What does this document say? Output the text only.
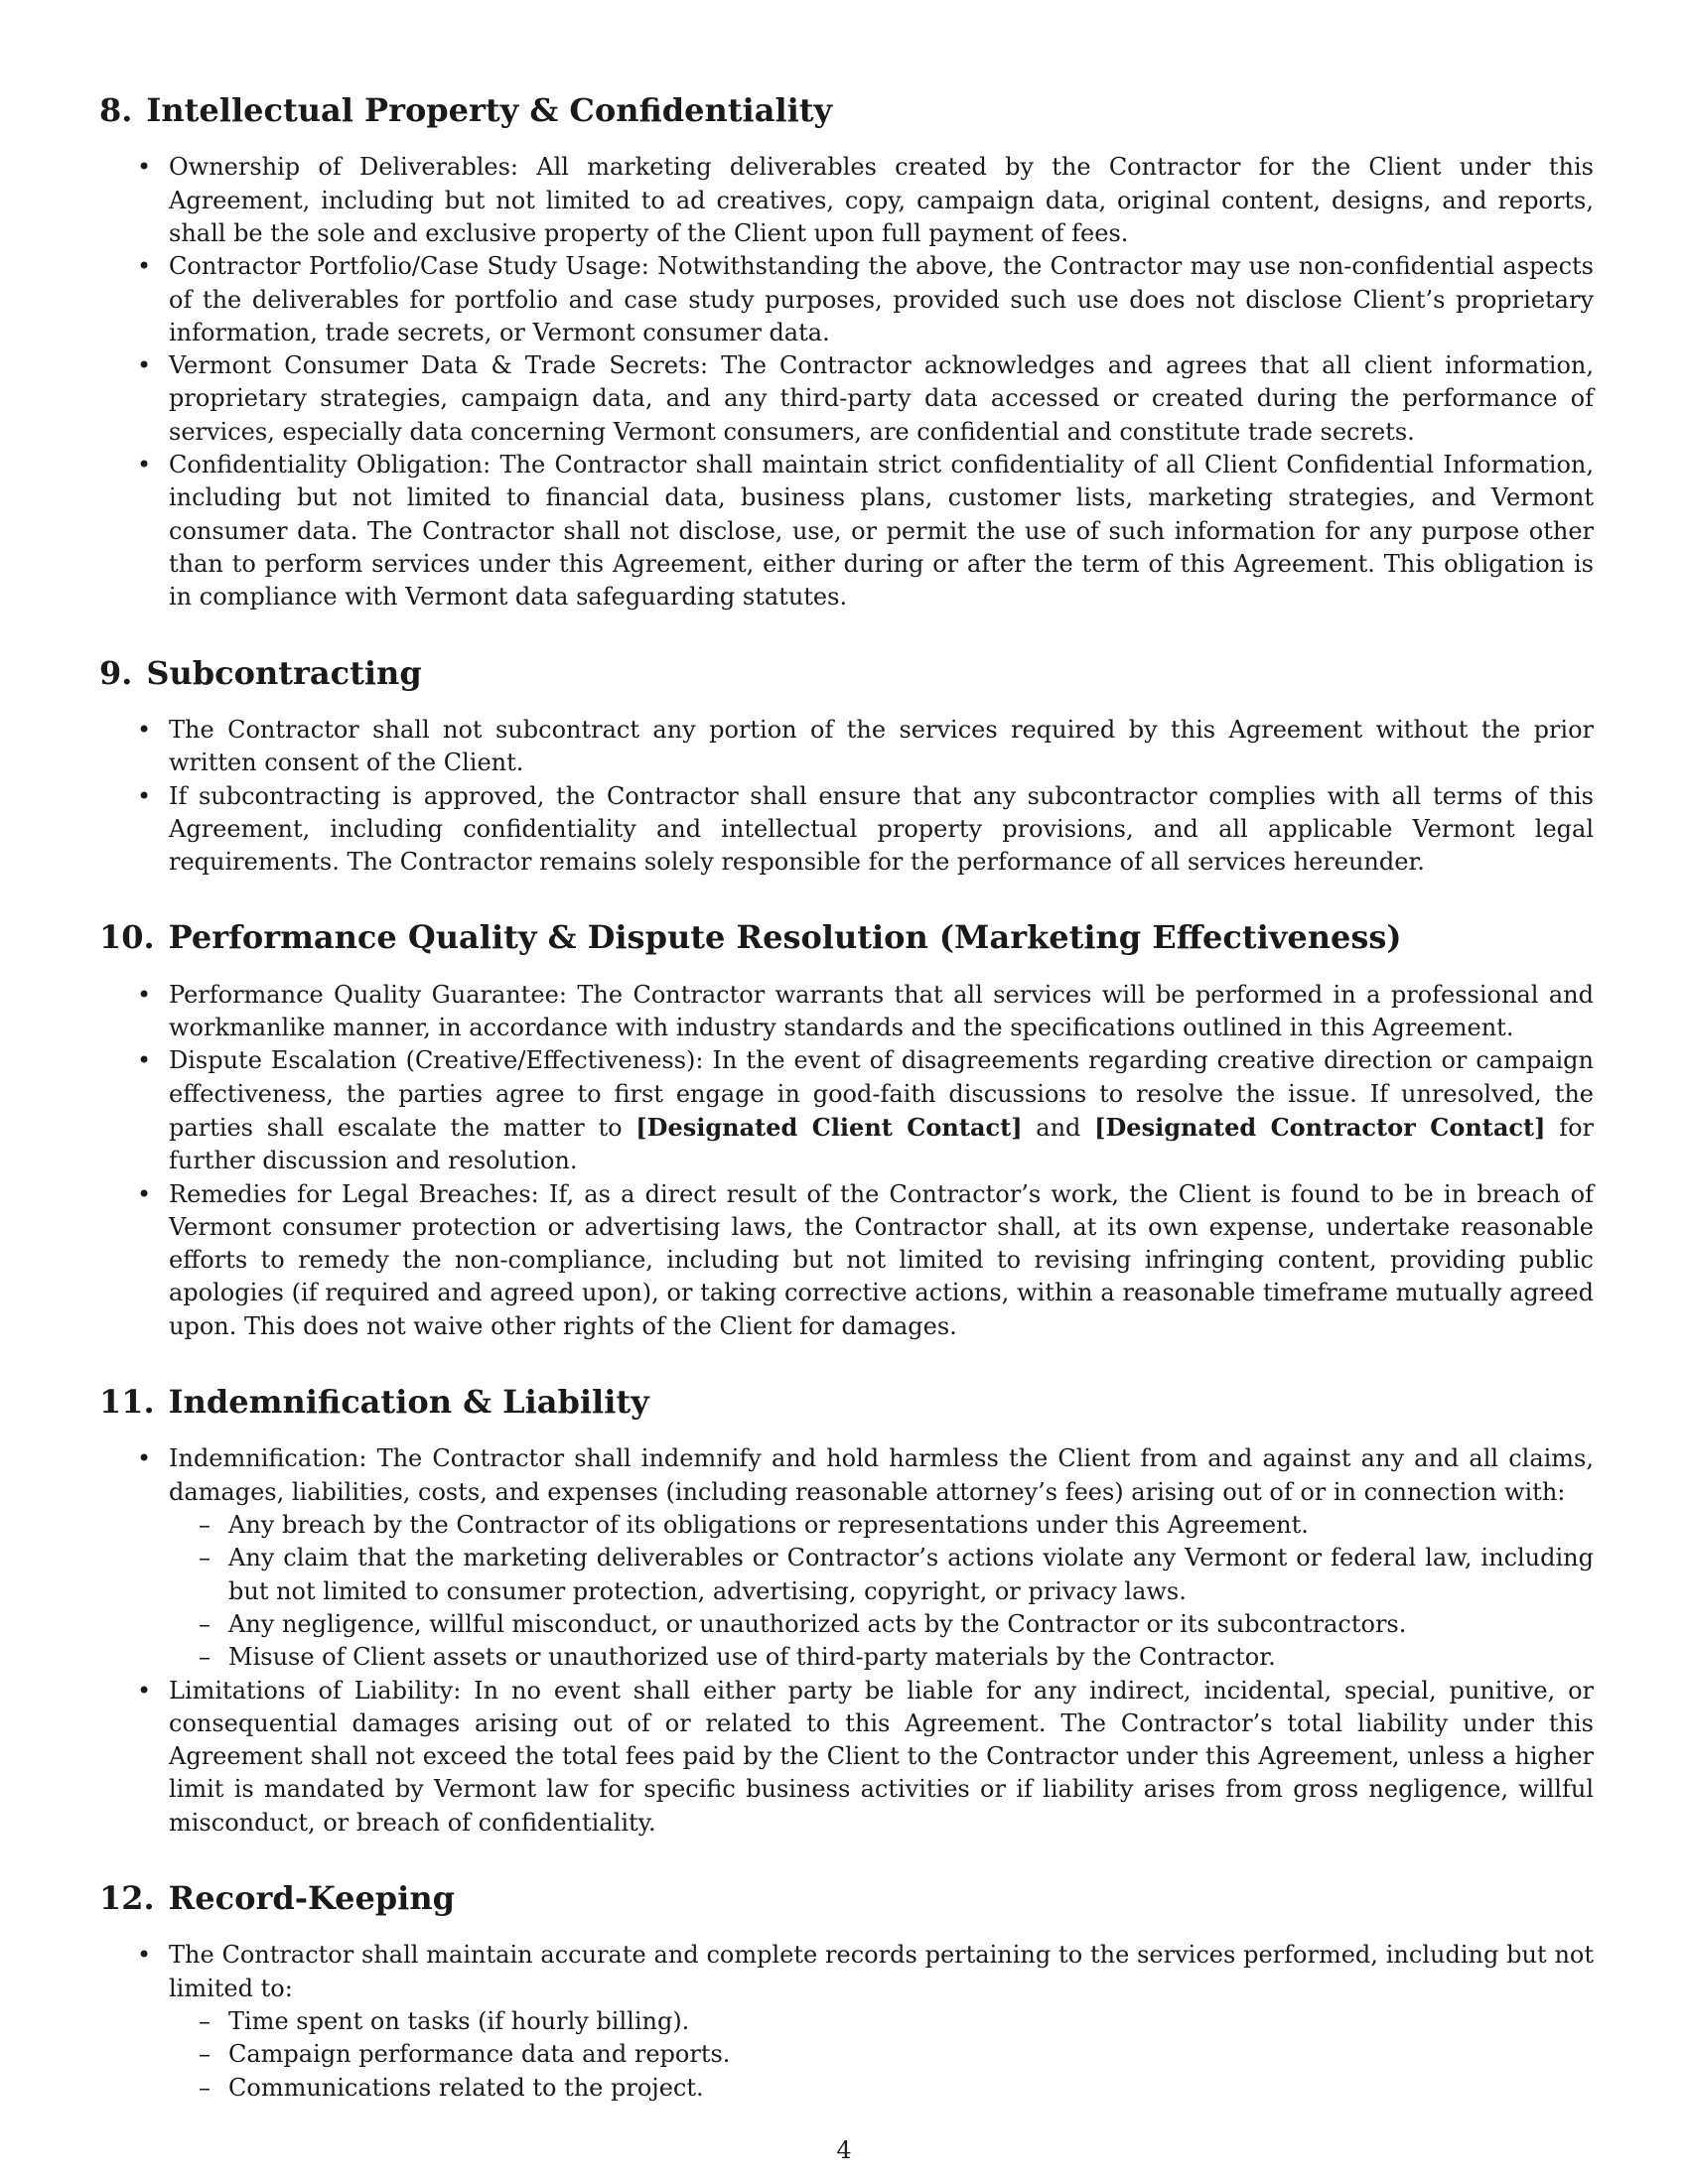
8. Intellectual Property & Confidentiality
• Ownership of Deliverables: All marketing deliverables created by the Contractor for the Client under this Agreement, including but not limited to ad creatives, copy, campaign data, original content, designs, and reports, shall be the sole and exclusive property of the Client upon full payment of fees.
• Contractor Portfolio/Case Study Usage: Notwithstanding the above, the Contractor may use non-confidential aspects of the deliverables for portfolio and case study purposes, provided such use does not disclose Client’s proprietary information, trade secrets, or Vermont consumer data.
• Vermont Consumer Data & Trade Secrets: The Contractor acknowledges and agrees that all client information, proprietary strategies, campaign data, and any third-party data accessed or created during the performance of services, especially data concerning Vermont consumers, are confidential and constitute trade secrets.
• Confidentiality Obligation: The Contractor shall maintain strict confidentiality of all Client Confidential Information, including but not limited to financial data, business plans, customer lists, marketing strategies, and Vermont consumer data. The Contractor shall not disclose, use, or permit the use of such information for any purpose other than to perform services under this Agreement, either during or after the term of this Agreement. This obligation is in compliance with Vermont data safeguarding statutes.
9. Subcontracting
• The Contractor shall not subcontract any portion of the services required by this Agreement without the prior written consent of the Client.
• If subcontracting is approved, the Contractor shall ensure that any subcontractor complies with all terms of this Agreement, including confidentiality and intellectual property provisions, and all applicable Vermont legal requirements. The Contractor remains solely responsible for the performance of all services hereunder.
10. Performance Quality & Dispute Resolution (Marketing Effectiveness)
• Performance Quality Guarantee: The Contractor warrants that all services will be performed in a professional and workmanlike manner, in accordance with industry standards and the specifications outlined in this Agreement.
• Dispute Escalation (Creative/Effectiveness): In the event of disagreements regarding creative direction or campaign effectiveness, the parties agree to first engage in good-faith discussions to resolve the issue. If unresolved, the parties shall escalate the matter to [Designated Client Contact] and [Designated Contractor Contact] for further discussion and resolution.
• Remedies for Legal Breaches: If, as a direct result of the Contractor’s work, the Client is found to be in breach of Vermont consumer protection or advertising laws, the Contractor shall, at its own expense, undertake reasonable efforts to remedy the non-compliance, including but not limited to revising infringing content, providing public apologies (if required and agreed upon), or taking corrective actions, within a reasonable timeframe mutually agreed upon. This does not waive other rights of the Client for damages.
11. Indemnification & Liability
• Indemnification: The Contractor shall indemnify and hold harmless the Client from and against any and all claims, damages, liabilities, costs, and expenses (including reasonable attorney’s fees) arising out of or in connection with:
– Any breach by the Contractor of its obligations or representations under this Agreement.
– Any claim that the marketing deliverables or Contractor’s actions violate any Vermont or federal law, including but not limited to consumer protection, advertising, copyright, or privacy laws.
– Any negligence, willful misconduct, or unauthorized acts by the Contractor or its subcontractors.
– Misuse of Client assets or unauthorized use of third-party materials by the Contractor.
• Limitations of Liability: In no event shall either party be liable for any indirect, incidental, special, punitive, or consequential damages arising out of or related to this Agreement. The Contractor’s total liability under this Agreement shall not exceed the total fees paid by the Client to the Contractor under this Agreement, unless a higher limit is mandated by Vermont law for specific business activities or if liability arises from gross negligence, willful misconduct, or breach of confidentiality.
12. Record-Keeping
• The Contractor shall maintain accurate and complete records pertaining to the services performed, including but not limited to:
– Time spent on tasks (if hourly billing).
– Campaign performance data and reports.
– Communications related to the project.
4
